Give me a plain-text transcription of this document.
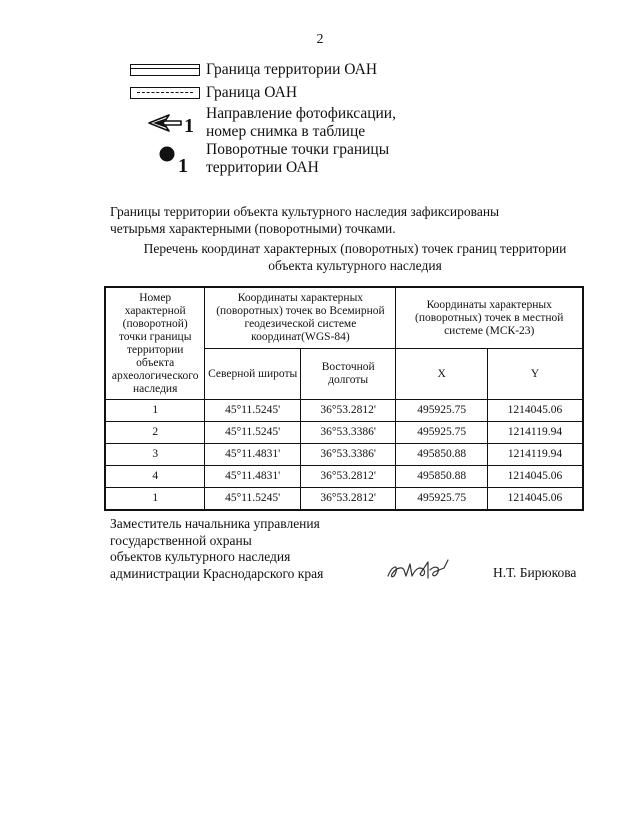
2
Граница территории ОАН
Граница ОАН
1
Направление фотофиксации,
номер снимка в таблице
1
Поворотные точки границы
территории ОАН
Границы территории объекта культурного наследия зафиксированы
четырьмя характерными (поворотными) точками.
Перечень координат характерных (поворотных) точек границ территории
объекта культурного наследия
Номер характерной (поворотной) точки границы территории объекта археологического наследия	Координаты характерных (поворотных) точек во Всемирной геодезической системе координат(WGS-84)		Координаты характерных (поворотных) точек в местной системе (МСК-23)	
	Северной широты	Восточной долготы	X	Y
1	45°11.5245'	36°53.2812'	495925.75	1214045.06
2	45°11.5245'	36°53.3386'	495925.75	1214119.94
3	45°11.4831'	36°53.3386'	495850.88	1214119.94
4	45°11.4831'	36°53.2812'	495850.88	1214045.06
1	45°11.5245'	36°53.2812'	495925.75	1214045.06
Заместитель начальника управления
государственной охраны
объектов культурного наследия
администрации Краснодарского края	Н.Т. Бирюкова
